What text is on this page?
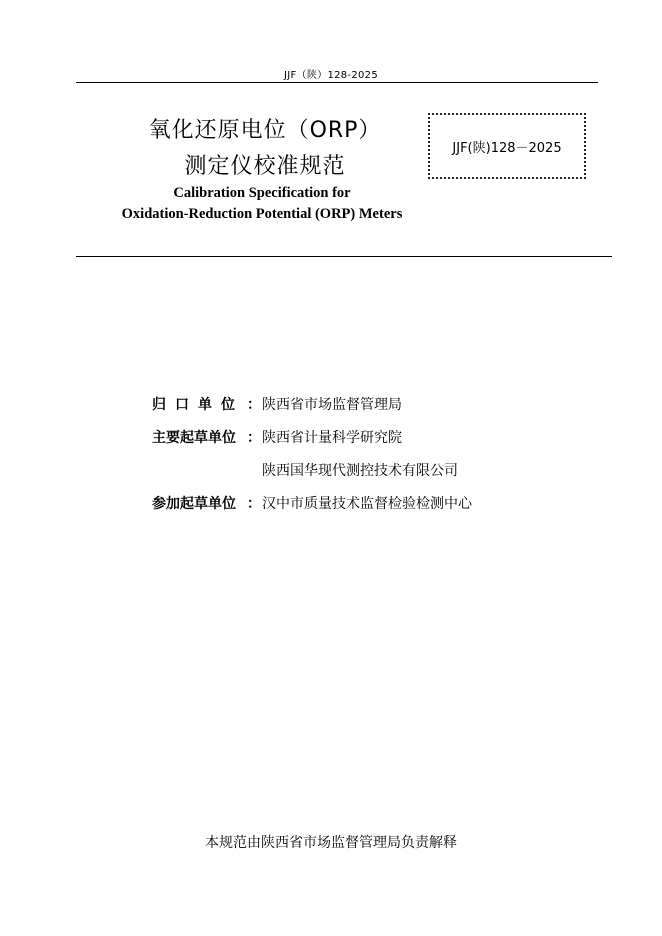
JJF（陕）128-2025
氧化还原电位（ORP）
测定仪校准规范
Calibration Specification for
Oxidation-Reduction Potential (ORP) Meters
JJF(陕)128－2025
归口单位 ： 陕西省市场监督管理局
主要起草单位 ： 陕西省计量科学研究院
陕西国华现代测控技术有限公司
参加起草单位 ： 汉中市质量技术监督检验检测中心
本规范由陕西省市场监督管理局负责解释
